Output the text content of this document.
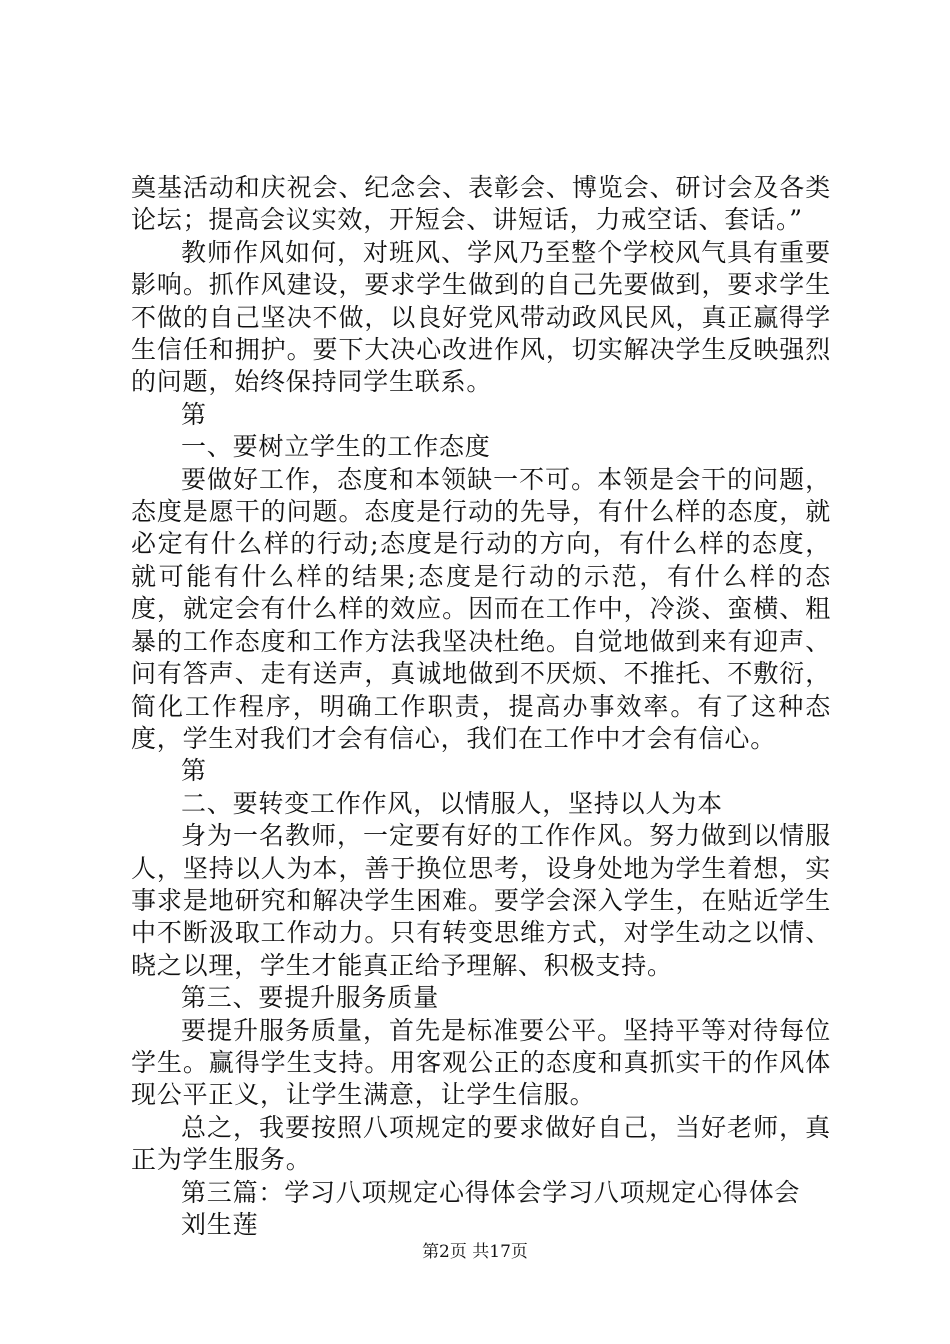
奠基活动和庆祝会、纪念会、表彰会、博览会、研讨会及各类论坛；提高会议实效，开短会、讲短话，力戒空话、套话。”

教师作风如何，对班风、学风乃至整个学校风气具有重要影响。抓作风建设，要求学生做到的自己先要做到，要求学生不做的自己坚决不做，以良好党风带动政风民风，真正赢得学生信任和拥护。要下大决心改进作风，切实解决学生反映强烈的问题，始终保持同学生联系。

第

一、要树立学生的工作态度

要做好工作，态度和本领缺一不可。本领是会干的问题，态度是愿干的问题。态度是行动的先导，有什么样的态度，就必定有什么样的行动;态度是行动的方向，有什么样的态度，就可能有什么样的结果;态度是行动的示范，有什么样的态度，就定会有什么样的效应。因而在工作中，冷淡、蛮横、粗暴的工作态度和工作方法我坚决杜绝。自觉地做到来有迎声、问有答声、走有送声，真诚地做到不厌烦、不推托、不敷衍，简化工作程序，明确工作职责，提高办事效率。有了这种态度，学生对我们才会有信心，我们在工作中才会有信心。

第

二、要转变工作作风，以情服人，坚持以人为本

身为一名教师，一定要有好的工作作风。努力做到以情服人，坚持以人为本，善于换位思考，设身处地为学生着想，实事求是地研究和解决学生困难。要学会深入学生，在贴近学生中不断汲取工作动力。只有转变思维方式，对学生动之以情、晓之以理，学生才能真正给予理解、积极支持。

第三、要提升服务质量

要提升服务质量，首先是标准要公平。坚持平等对待每位学生。赢得学生支持。用客观公正的态度和真抓实干的作风体现公平正义，让学生满意，让学生信服。

总之，我要按照八项规定的要求做好自己，当好老师，真正为学生服务。

第三篇：学习八项规定心得体会学习八项规定心得体会

刘生莲

第2页 共17页
